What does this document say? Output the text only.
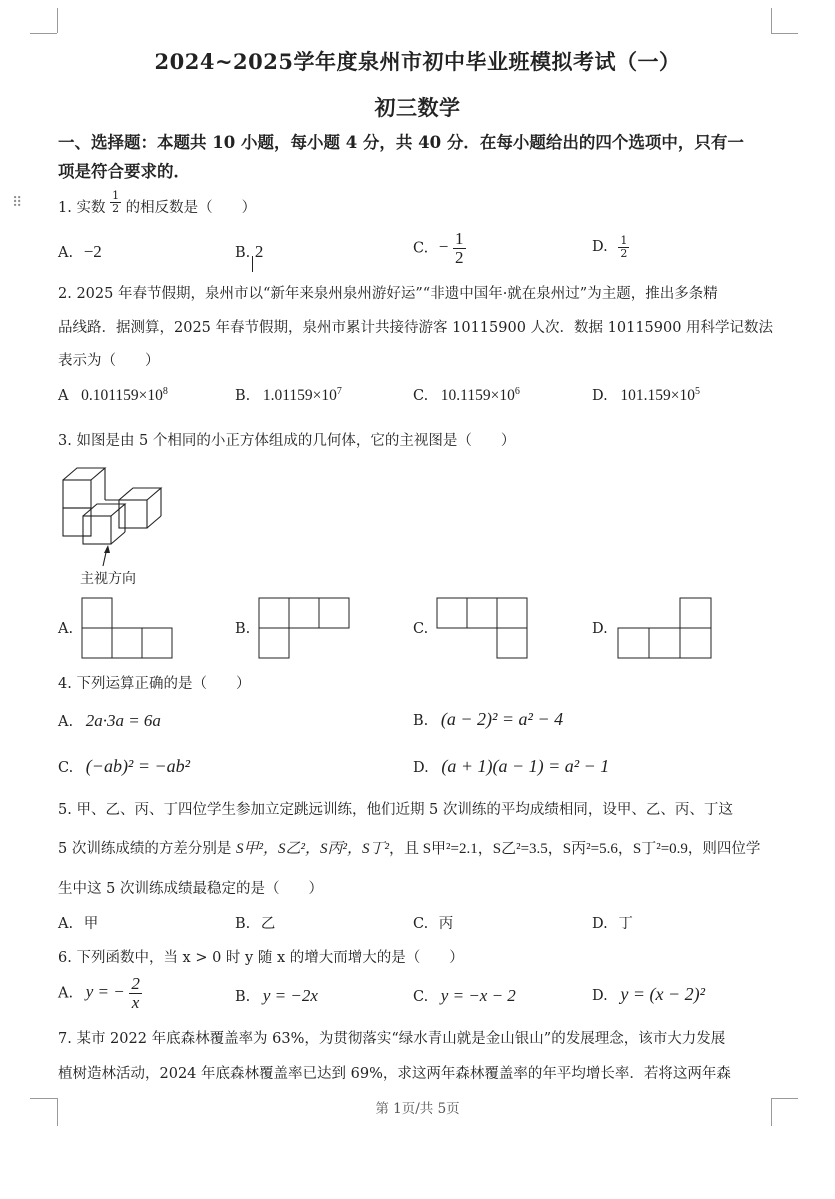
⠿
2024~2025学年度泉州市初中毕业班模拟考试（一）
初三数学
一、选择题：本题共 10 小题，每小题 4 分，共 40 分．在每小题给出的四个选项中，只有一
项是符合要求的．
1. 实数 $\frac{1}{2}$ 的相反数是（　　）
A. −2	B. 2	C. − $\frac{1}{2}$	D. $\frac{1}{2}$
2. 2025 年春节假期，泉州市以“新年来泉州泉州游好运”“非遗中国年·就在泉州过”为主题，推出多条精
品线路．据测算，2025 年春节假期，泉州市累计共接待游客 10115900 人次．数据 10115900 用科学记数法
表示为（　　）
A $0.101159\times 10^8$	B. $1.01159\times 10^7$	C. $10.1159\times 10^6$	D. $101.159\times 10^5$
3. 如图是由 5 个相同的小正方体组成的几何体，它的主视图是（　　）
主视方向
A.	B.	C.	D.
4. 下列运算正确的是（　　）
A. 2a·3a = 6a	B. (a − 2)² = a² − 4
C. (−ab)² = −ab²	D. (a + 1)(a − 1) = a² − 1
5. 甲、乙、丙、丁四位学生参加立定跳远训练，他们近期 5 次训练的平均成绩相同，设甲、乙、丙、丁这
5 次训练成绩的方差分别是 S甲²，S乙²，S丙²，S丁²，且 S甲²=2.1，S乙²=3.5，S丙²=5.6，S丁²=0.9，则四位学
生中这 5 次训练成绩最稳定的是（　　）
A. 甲	B. 乙	C. 丙	D. 丁
6. 下列函数中，当 x > 0 时 y 随 x 的增大而增大的是（　　）
A. y = − $\frac{2}{x}$	B. y = −2x	C. y = −x − 2	D. y = (x − 2)²
7. 某市 2022 年底森林覆盖率为 63%，为贯彻落实“绿水青山就是金山银山”的发展理念，该市大力发展
植树造林活动，2024 年底森林覆盖率已达到 69%，求这两年森林覆盖率的年平均增长率．若将这两年森
第 1页/共 5页
